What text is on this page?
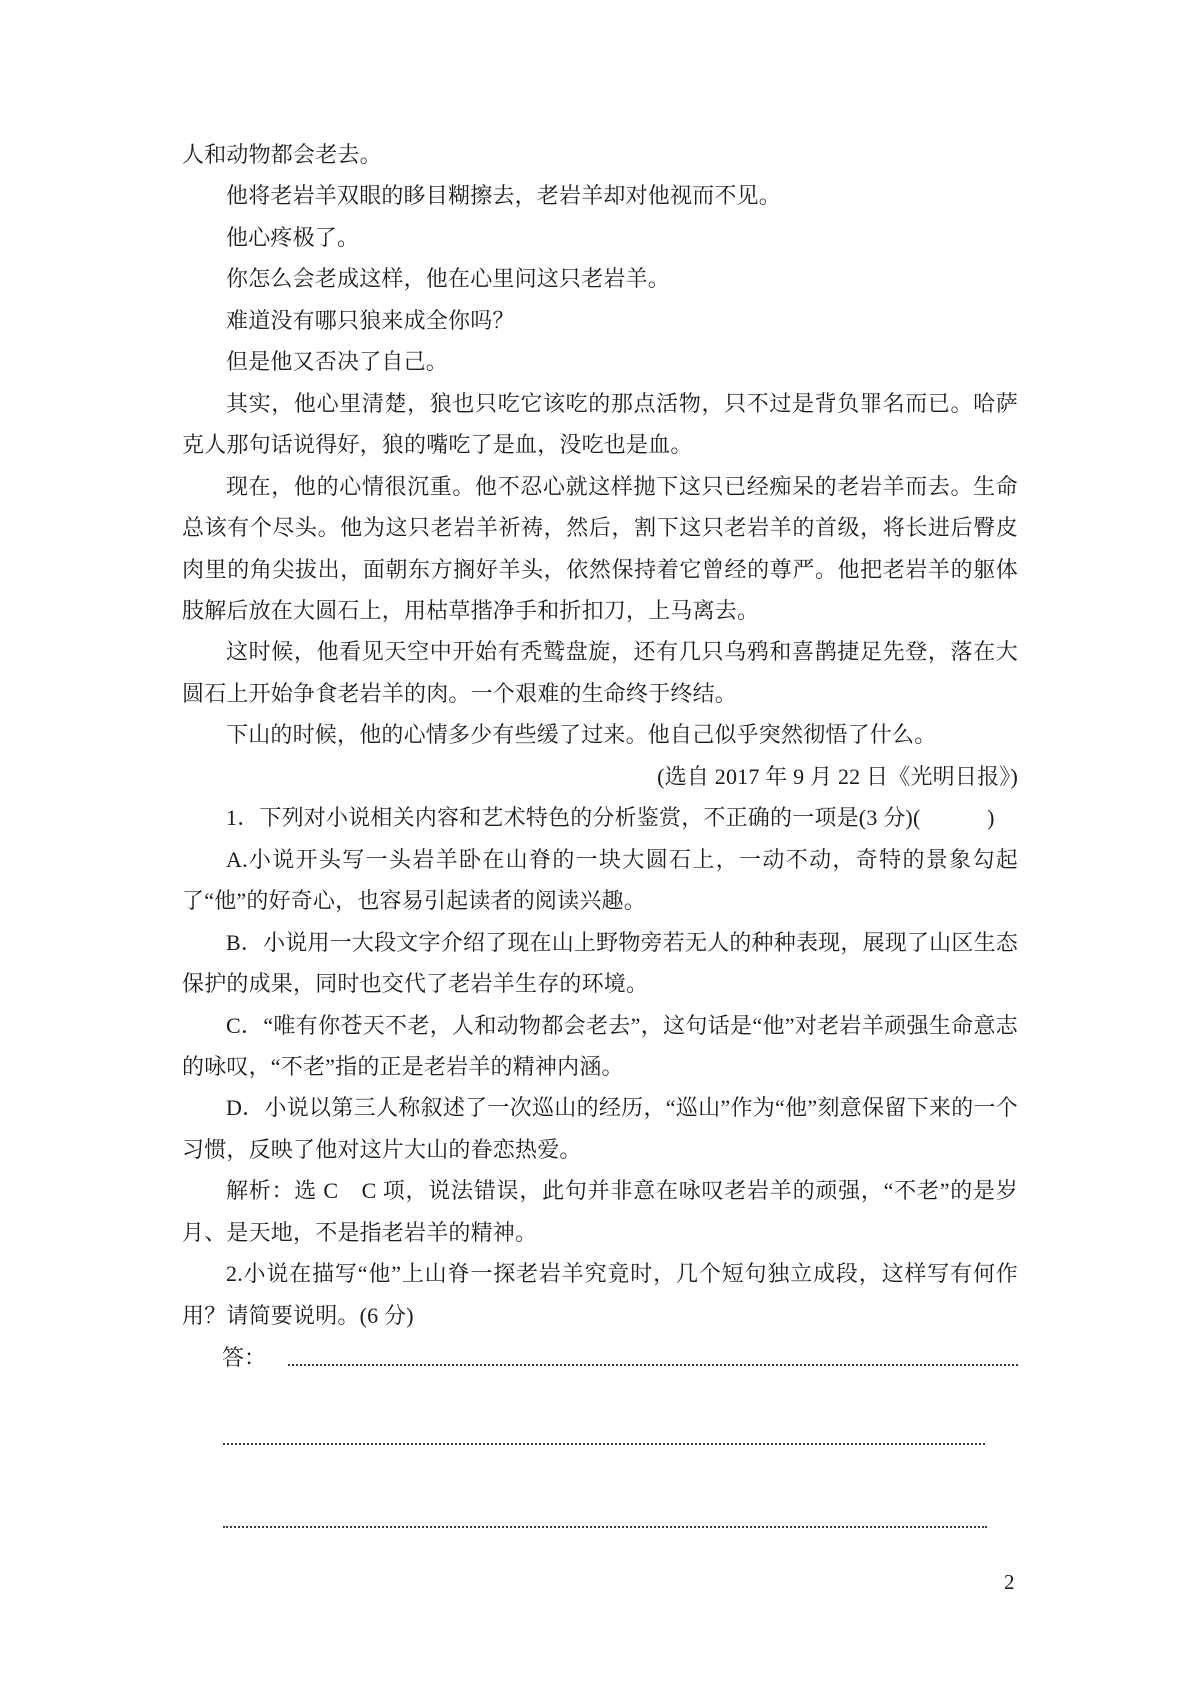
人和动物都会老去。

他将老岩羊双眼的眵目糊擦去，老岩羊却对他视而不见。

他心疼极了。

你怎么会老成这样，他在心里问这只老岩羊。

难道没有哪只狼来成全你吗？

但是他又否决了自己。

其实，他心里清楚，狼也只吃它该吃的那点活物，只不过是背负罪名而已。哈萨克人那句话说得好，狼的嘴吃了是血，没吃也是血。

现在，他的心情很沉重。他不忍心就这样抛下这只已经痴呆的老岩羊而去。生命总该有个尽头。他为这只老岩羊祈祷，然后，割下这只老岩羊的首级，将长进后臀皮肉里的角尖拔出，面朝东方搁好羊头，依然保持着它曾经的尊严。他把老岩羊的躯体肢解后放在大圆石上，用枯草揩净手和折扣刀，上马离去。

这时候，他看见天空中开始有秃鹫盘旋，还有几只乌鸦和喜鹊捷足先登，落在大圆石上开始争食老岩羊的肉。一个艰难的生命终于终结。

下山的时候，他的心情多少有些缓了过来。他自己似乎突然彻悟了什么。

(选自 2017 年 9 月 22 日《光明日报》)

1．下列对小说相关内容和艺术特色的分析鉴赏，不正确的一项是(3 分)(　　　)

A.小说开头写一头岩羊卧在山脊的一块大圆石上，一动不动，奇特的景象勾起了“他”的好奇心，也容易引起读者的阅读兴趣。

B．小说用一大段文字介绍了现在山上野物旁若无人的种种表现，展现了山区生态保护的成果，同时也交代了老岩羊生存的环境。

C．“唯有你苍天不老，人和动物都会老去”，这句话是“他”对老岩羊顽强生命意志的咏叹，“不老”指的正是老岩羊的精神内涵。

D．小说以第三人称叙述了一次巡山的经历，“巡山”作为“他”刻意保留下来的一个习惯，反映了他对这片大山的眷恋热爱。

解析：选 C　C 项，说法错误，此句并非意在咏叹老岩羊的顽强，“不老”的是岁月、是天地，不是指老岩羊的精神。

2.小说在描写“他”上山脊一探老岩羊究竟时，几个短句独立成段，这样写有何作用？请简要说明。(6 分)

答：
2
